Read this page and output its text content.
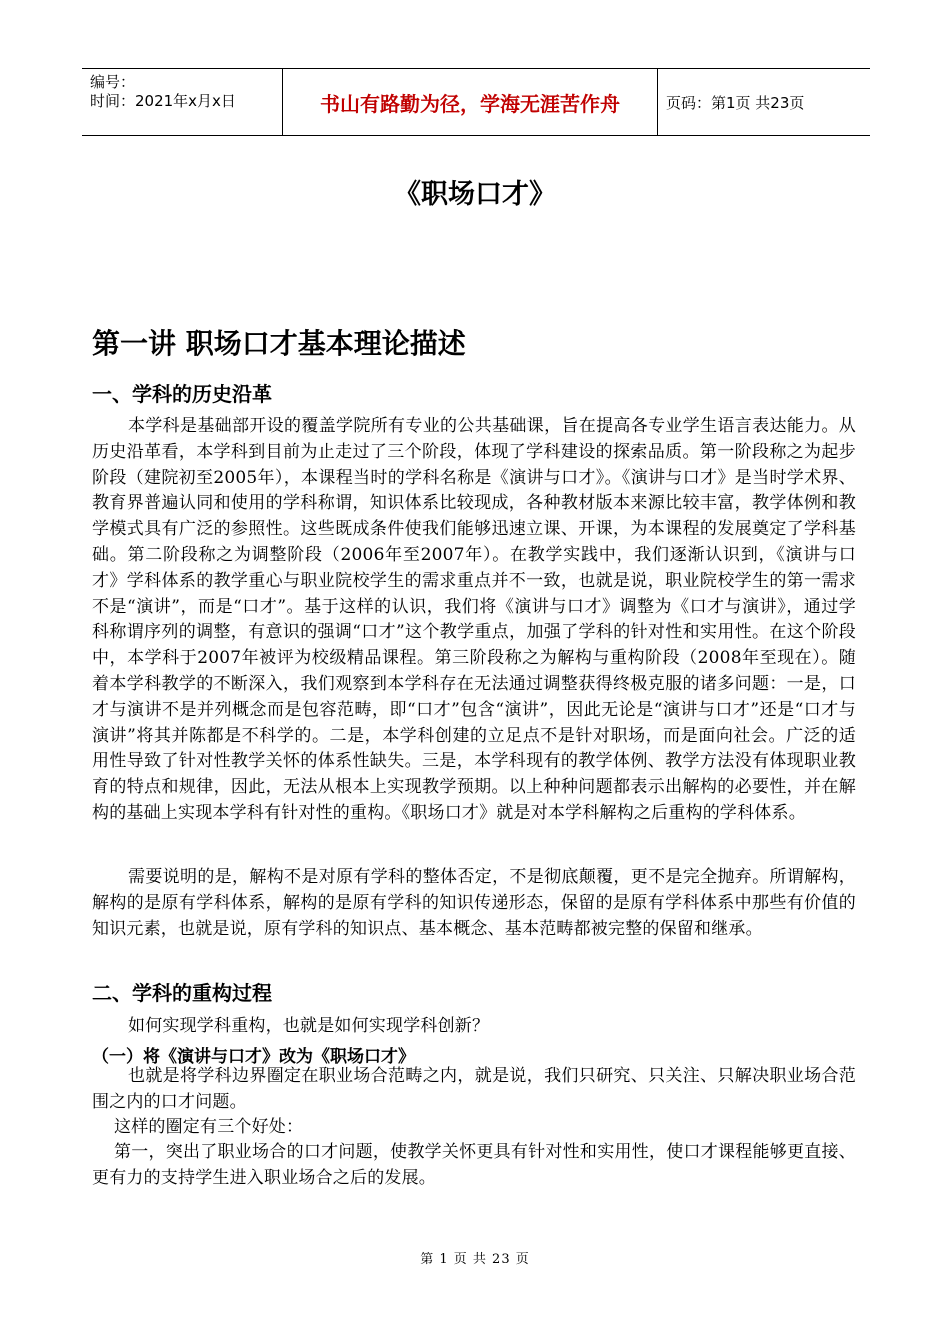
编号：
时间：2021年x月x日	书山有路勤为径，学海无涯苦作舟	页码：第1页 共23页
《职场口才》
第一讲 职场口才基本理论描述
一、学科的历史沿革

本学科是基础部开设的覆盖学院所有专业的公共基础课，旨在提高各专业学生语言表达能力。从历史沿革看，本学科到目前为止走过了三个阶段，体现了学科建设的探索品质。第一阶段称之为起步阶段（建院初至2005年），本课程当时的学科名称是《演讲与口才》。《演讲与口才》是当时学术界、教育界普遍认同和使用的学科称谓，知识体系比较现成，各种教材版本来源比较丰富，教学体例和教学模式具有广泛的参照性。这些既成条件使我们能够迅速立课、开课，为本课程的发展奠定了学科基础。第二阶段称之为调整阶段（2006年至2007年）。在教学实践中，我们逐渐认识到，《演讲与口才》学科体系的教学重心与职业院校学生的需求重点并不一致，也就是说，职业院校学生的第一需求不是“演讲”，而是“口才”。基于这样的认识，我们将《演讲与口才》调整为《口才与演讲》，通过学科称谓序列的调整，有意识的强调“口才”这个教学重点，加强了学科的针对性和实用性。在这个阶段中，本学科于2007年被评为校级精品课程。第三阶段称之为解构与重构阶段（2008年至现在）。随着本学科教学的不断深入，我们观察到本学科存在无法通过调整获得终极克服的诸多问题：一是，口才与演讲不是并列概念而是包容范畴，即“口才”包含“演讲”，因此无论是“演讲与口才”还是“口才与演讲”将其并陈都是不科学的。二是，本学科创建的立足点不是针对职场，而是面向社会。广泛的适用性导致了针对性教学关怀的体系性缺失。三是，本学科现有的教学体例、教学方法没有体现职业教育的特点和规律，因此，无法从根本上实现教学预期。以上种种问题都表示出解构的必要性，并在解构的基础上实现本学科有针对性的重构。《职场口才》就是对本学科解构之后重构的学科体系。

需要说明的是，解构不是对原有学科的整体否定，不是彻底颠覆，更不是完全抛弃。所谓解构，解构的是原有学科体系，解构的是原有学科的知识传递形态，保留的是原有学科体系中那些有价值的知识元素，也就是说，原有学科的知识点、基本概念、基本范畴都被完整的保留和继承。

二、学科的重构过程

如何实现学科重构，也就是如何实现学科创新？

（一）将《演讲与口才》改为《职场口才》

也就是将学科边界圈定在职业场合范畴之内，就是说，我们只研究、只关注、只解决职业场合范围之内的口才问题。

这样的圈定有三个好处：

第一，突出了职业场合的口才问题，使教学关怀更具有针对性和实用性，使口才课程能够更直接、更有力的支持学生进入职业场合之后的发展。

第 1 页 共 23 页
